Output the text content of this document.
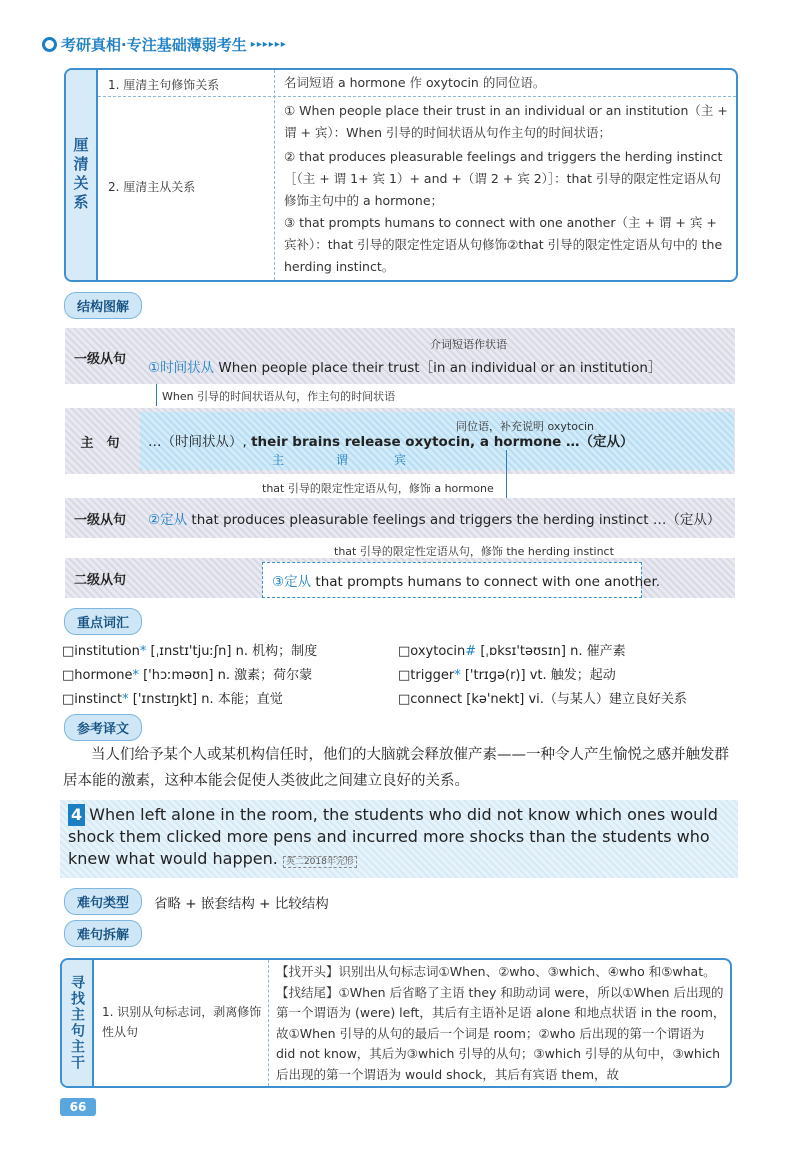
考研真相·专注基础薄弱考生 ▸▸▸▸▸▸
厘清关系
1. 厘清主句修饰关系	名词短语 a hormone 作 oxytocin 的同位语。
2. 厘清主从关系
① When people place their trust in an individual or an institution（主 + 谓 + 宾）：When 引导的时间状语从句作主句的时间状语；
② that produces pleasurable feelings and triggers the herding instinct［（主 + 谓 1+ 宾 1）+ and +（谓 2 + 宾 2）］：that 引导的限定性定语从句修饰主句中的 a hormone；
③ that prompts humans to connect with one another（主 + 谓 + 宾 + 宾补）：that 引导的限定性定语从句修饰②that 引导的限定性定语从句中的 the herding instinct。
结构图解
一级从句
介词短语作状语
①时间状从 When people place their trust［in an individual or an institution］
When 引导的时间状语从句，作主句的时间状语
主　句
同位语，补充说明 oxytocin
…（时间状从）, their brains release oxytocin, a hormone …（定从）
主	谓	宾
that 引导的限定性定语从句，修饰 a hormone
一级从句	②定从 that produces pleasurable feelings and triggers the herding instinct …（定从）
that 引导的限定性定语从句，修饰 the herding instinct
二级从句	③定从 that prompts humans to connect with one another.
重点词汇
□institution* [ˌɪnstɪ'tjuːʃn] n. 机构；制度
□hormone* ['hɔːməʊn] n. 激素；荷尔蒙
□instinct* ['ɪnstɪŋkt] n. 本能；直觉
□oxytocin# [ˌɒksɪ'təʊsɪn] n. 催产素
□trigger* ['trɪɡə(r)] vt. 触发；起动
□connect [kə'nekt] vi.（与某人）建立良好关系
参考译文
当人们给予某个人或某机构信任时，他们的大脑就会释放催产素——一种令人产生愉悦之感并触发群居本能的激素，这种本能会促使人类彼此之间建立良好的关系。
4 When left alone in the room, the students who did not know which ones would shock them clicked more pens and incurred more shocks than the students who knew what would happen. 英二2018年完形
难句类型	省略 + 嵌套结构 + 比较结构
难句拆解
寻找主句主干 1. 识别从句标志词，剥离修饰性从句
【找开头】识别出从句标志词①When、②who、③which、④who 和⑤what。【找结尾】①When 后省略了主语 they 和助动词 were，所以①When 后出现的第一个谓语为 (were) left，其后有主语补足语 alone 和地点状语 in the room，故①When 引导的从句的最后一个词是 room；②who 后出现的第一个谓语为 did not know，其后为③which 引导的从句；③which 引导的从句中，③which 后出现的第一个谓语为 would shock，其后有宾语 them，故
66
